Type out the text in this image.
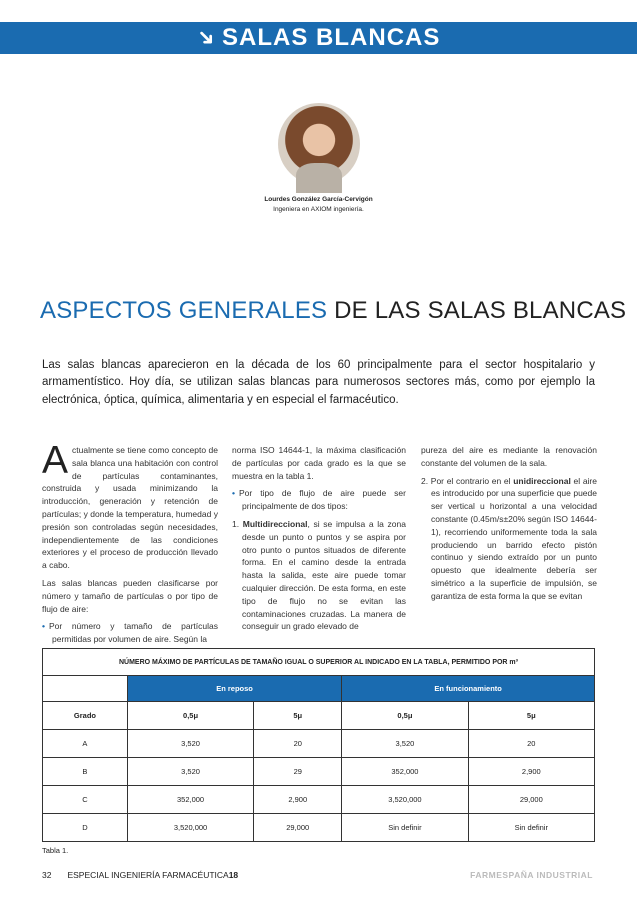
➜SALAS BLANCAS
Lourdes González García-Cervigón
Ingeniera en AXIOM ingeniería.
ASPECTOS GENERALES DE LAS SALAS BLANCAS
Las salas blancas aparecieron en la década de los 60 principalmente para el sector hospitalario y armamentístico. Hoy día, se utilizan salas blancas para numerosos sectores más, como por ejemplo la electrónica, óptica, química, alimentaria y en especial el farmacéutico.

Actualmente se tiene como concepto de sala blanca una habitación con control de partículas contaminantes, construida y usada minimizando la introducción, generación y retención de partículas; y donde la temperatura, humedad y presión son controladas según necesidades, independientemente de las condiciones exteriores y el proceso de producción llevado a cabo.

Las salas blancas pueden clasificarse por número y tamaño de partículas o por tipo de flujo de aire:

• Por número y tamaño de partículas permitidas por volumen de aire. Según la

norma ISO 14644-1, la máxima clasificación de partículas por cada grado es la que se muestra en la tabla 1.

• Por tipo de flujo de aire puede ser principalmente de dos tipos:

1. Multidireccional, si se impulsa a la zona desde un punto o puntos y se aspira por otro punto o puntos situados de diferente forma. En el camino desde la entrada hasta la salida, este aire puede tomar cualquier dirección. De esta forma, en este tipo de flujo no se evitan las contaminaciones cruzadas. La manera de conseguir un grado elevado de

pureza del aire es mediante la renovación constante del volumen de la sala.

2. Por el contrario en el unidireccional el aire es introducido por una superficie que puede ser vertical u horizontal a una velocidad constante (0.45m/s±20% según ISO 14644-1), recorriendo uniformemente toda la sala produciendo un barrido efecto pistón continuo y siendo extraído por un punto opuesto que idealmente debería ser simétrico a la superficie de impulsión, se garantiza de esta forma la que se evitan

NÚMERO MÁXIMO DE PARTÍCULAS DE TAMAÑO IGUAL O SUPERIOR AL INDICADO EN LA TABLA, PERMITIDO POR m³				
	En reposo		En funcionamiento	
Grado	0,5μ	5μ	0,5μ	5μ
A	3,520	20	3,520	20
B	3,520	29	352,000	2,900
C	352,000	2,900	3,520,000	29,000
D	3,520,000	29,000	Sin definir	Sin definir
Tabla 1.
32 ESPECIAL INGENIERÍA FARMACÉUTICA18	FARMESPAÑA INDUSTRIAL
